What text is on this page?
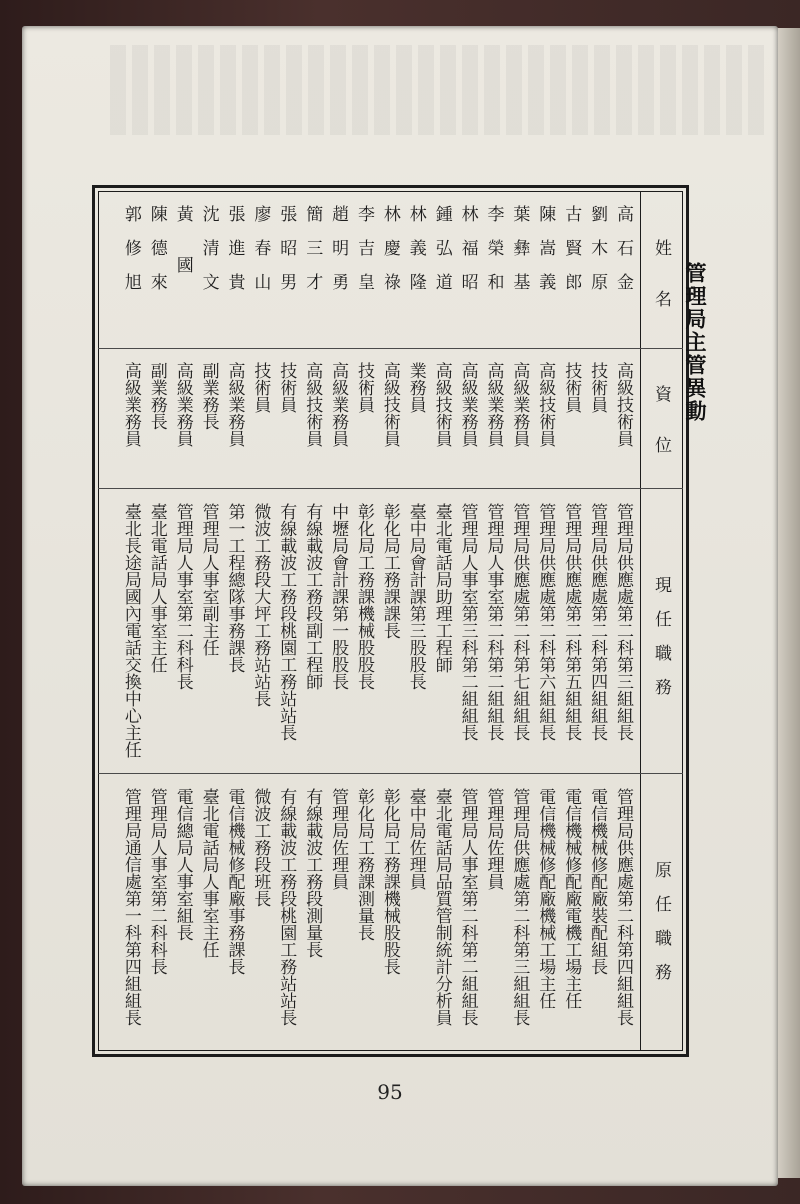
管理局主管異動
姓　　名
資　　位
現　任　職　務
原　任　職　務
高　石　金
高級技術員
管理局供應處第二科第三組組長
管理局供應處第二科第四組組長
劉　木　原
技術員
管理局供應處第二科第四組組長
電信機械修配廠裝配組長
古　賢　郎
技術員
管理局供應處第二科第五組組長
電信機械修配廠電機工場主任
陳　嵩　義
高級技術員
管理局供應處第二科第六組組長
電信機械修配廠機械工場主任
葉　彝　基
高級業務員
管理局供應處第二科第七組組長
管理局供應處第二科第三組組長
李　榮　和
高級業務員
管理局人事室第二科第二組組長
管理局佐理員
林　福　昭
高級業務員
管理局人事室第三科第二組組長
管理局人事室第二科第二組組長
鍾　弘　道
高級技術員
臺北電話局助理工程師
臺北電話局品質管制統計分析員
林　義　隆
業務員
臺中局會計課第三股股長
臺中局佐理員
林　慶　祿
高級技術員
彰化局工務課課長
彰化局工務課機械股股長
李　吉　皇
技術員
彰化局工務課機械股股長
彰化局工務課測量長
趙　明　勇
高級業務員
中壢局會計課第一股股長
管理局佐理員
簡　三　才
高級技術員
有線載波工務段副工程師
有線載波工務段測量長
張　昭　男
技術員
有線載波工務段桃園工務站站長
有線載波工務段桃園工務站站長
廖　春　山
技術員
微波工務段大坪工務站站長
微波工務段班長
張　進　貴
高級業務員
第一工程總隊事務課長
電信機械修配廠事務課長
沈　清　文
副業務長
管理局人事室副主任
臺北電話局人事室主任
黃　　國
高級業務員
管理局人事室第二科科長
電信總局人事室組長
陳　德　來
副業務長
臺北電話局人事室主任
管理局人事室第二科科長
郭　修　旭
高級業務員
臺北長途局國內電話交換中心主任
管理局通信處第一科第四組組長
95
